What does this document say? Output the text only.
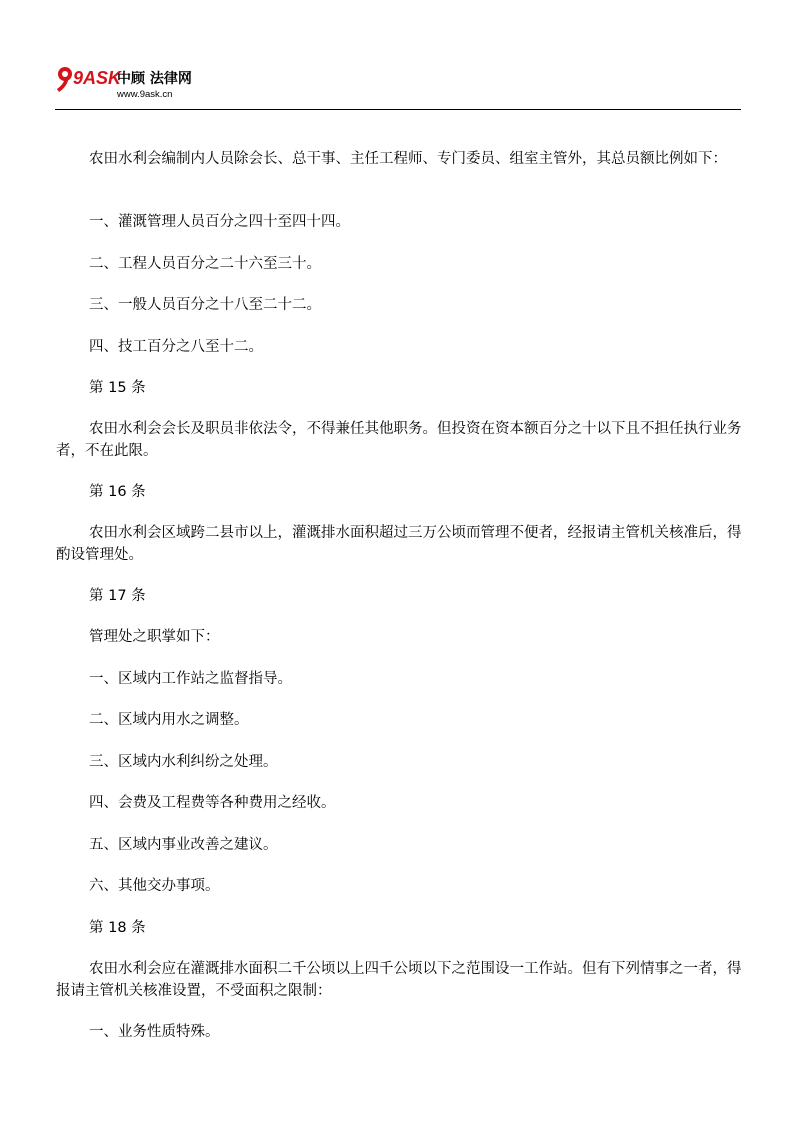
9ASK
中顾 法律网
www.9ask.cn

农田水利会编制内人员除会长、总干事、主任工程师、专门委员、组室主管外，其总员额比例如下：

一、灌溉管理人员百分之四十至四十四。

二、工程人员百分之二十六至三十。

三、一般人员百分之十八至二十二。

四、技工百分之八至十二。

第 15 条

农田水利会会长及职员非依法令，不得兼任其他职务。但投资在资本额百分之十以下且不担任执行业务者，不在此限。

第 16 条

农田水利会区域跨二县市以上，灌溉排水面积超过三万公顷而管理不便者，经报请主管机关核准后，得酌设管理处。

第 17 条

管理处之职掌如下：

一、区域内工作站之监督指导。

二、区域内用水之调整。

三、区域内水利纠纷之处理。

四、会费及工程费等各种费用之经收。

五、区域内事业改善之建议。

六、其他交办事项。

第 18 条

农田水利会应在灌溉排水面积二千公顷以上四千公顷以下之范围设一工作站。但有下列情事之一者，得报请主管机关核准设置，不受面积之限制：

一、业务性质特殊。
